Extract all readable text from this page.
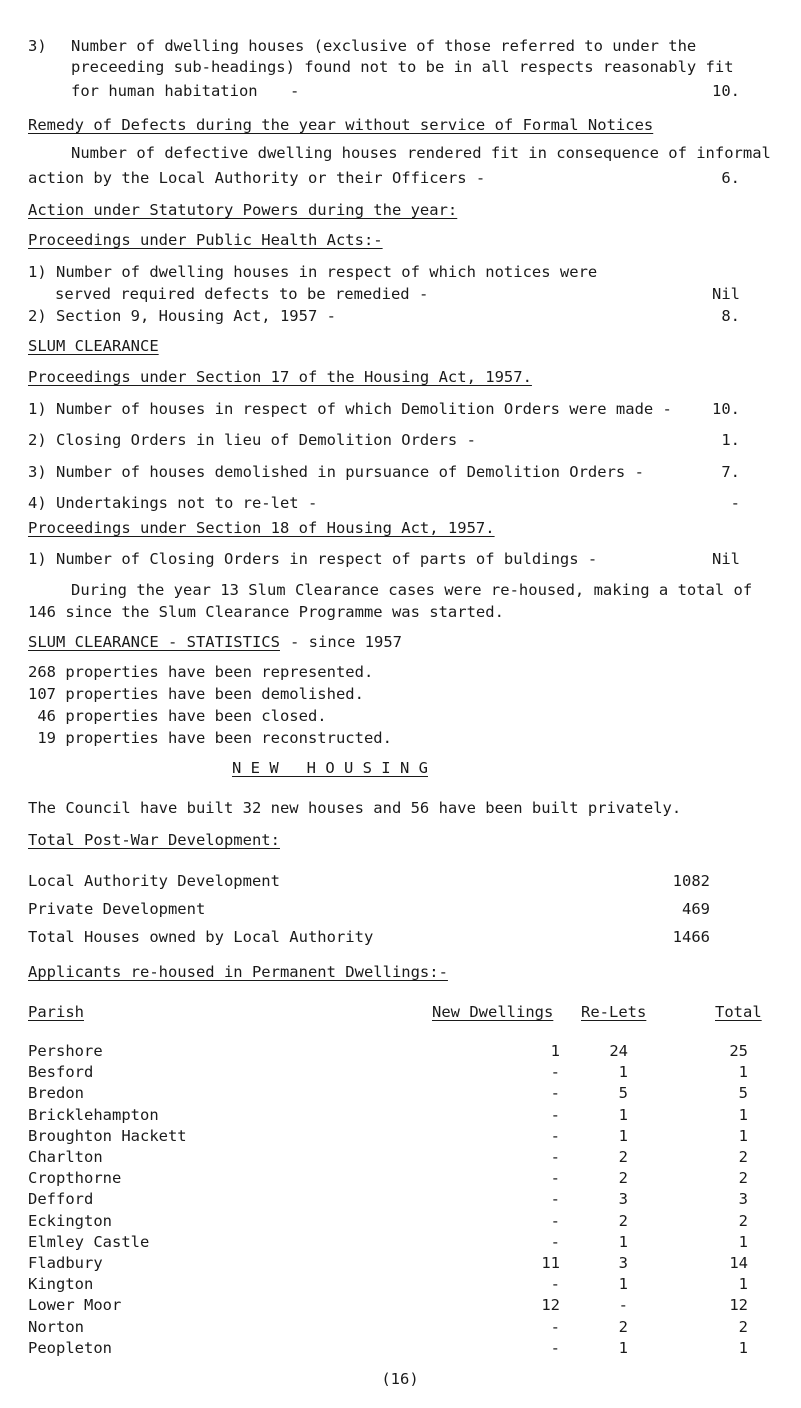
3) Number of dwelling houses (exclusive of those referred to under the
preceeding sub-headings) found not to be in all respects reasonably fit
for human habitation -	10.
Remedy of Defects during the year without service of Formal Notices
Number of defective dwelling houses rendered fit in consequence of informal
action by the Local Authority or their Officers -	6.
Action under Statutory Powers during the year:
Proceedings under Public Health Acts:-
1) Number of dwelling houses in respect of which notices were
served required defects to be remedied -	Nil
2) Section 9, Housing Act, 1957 -	8.
SLUM CLEARANCE
Proceedings under Section 17 of the Housing Act, 1957.
1) Number of houses in respect of which Demolition Orders were made -	10.
2) Closing Orders in lieu of Demolition Orders -	1.
3) Number of houses demolished in pursuance of Demolition Orders -	7.
4) Undertakings not to re-let -	-
Proceedings under Section 18 of Housing Act, 1957.
1) Number of Closing Orders in respect of parts of buldings -	Nil
During the year 13 Slum Clearance cases were re-housed, making a total of
146 since the Slum Clearance Programme was started.
SLUM CLEARANCE - STATISTICS - since 1957
268 properties have been represented.
107 properties have been demolished.
46 properties have been closed.
19 properties have been reconstructed.
N E W   H O U S I N G
The Council have built 32 new houses and 56 have been built privately.
Total Post-War Development:
Local Authority Development	1082
Private Development	469
Total Houses owned by Local Authority	1466
Applicants re-housed in Permanent Dwellings:-
Parish	New Dwellings Re-Lets	Total
Pershore	1	24	25
Besford	-	1	1
Bredon	-	5	5
Bricklehampton	-	1	1
Broughton Hackett	-	1	1
Charlton	-	2	2
Cropthorne	-	2	2
Defford	-	3	3
Eckington	-	2	2
Elmley Castle	-	1	1
Fladbury	11	3	14
Kington	-	1	1
Lower Moor	12	-	12
Norton	-	2	2
Peopleton	-	1	1
(16)
